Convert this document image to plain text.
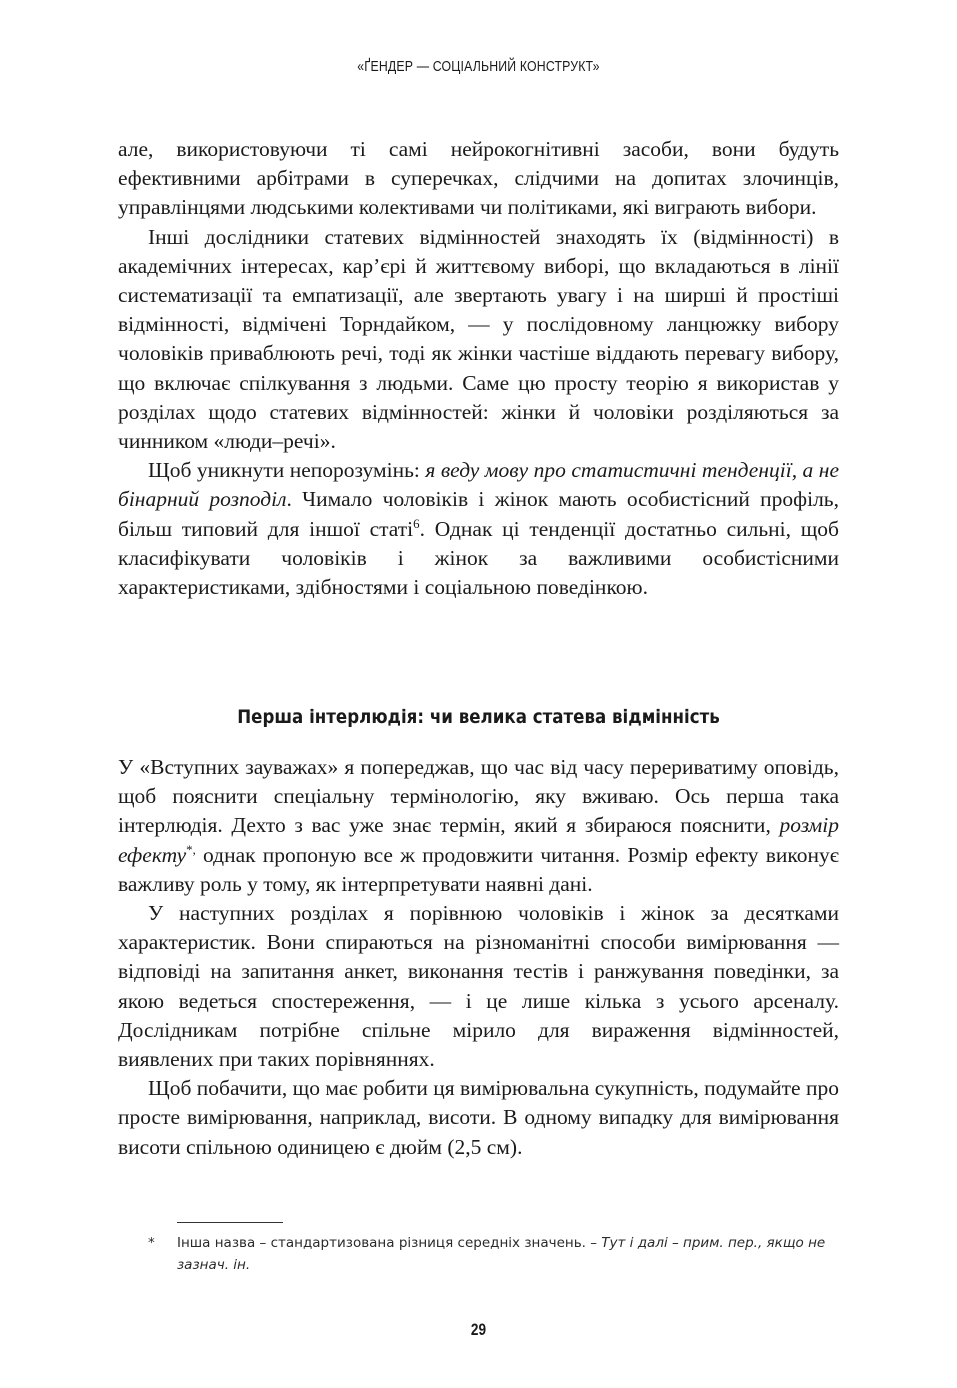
«ҐЕНДЕР — СОЦІАЛЬНИЙ КОНСТРУКТ»

але, використовуючи ті самі нейрокогнітивні засоби, вони будуть ефективними арбітрами в суперечках, слідчими на допитах злочинців, управлінцями людськими колективами чи політиками, які виграють вибори.

Інші дослідники статевих відмінностей знаходять їх (відмінності) в академічних інтересах, кар’єрі й життєвому виборі, що вкладаються в лінії систематизації та емпатизації, але звертають увагу і на ширші й простіші відмінності, відмічені Торндайком, — у послідовному ланцюжку вибору чоловіків приваблюють речі, тоді як жінки частіше віддають перевагу вибору, що включає спілкування з людьми. Саме цю просту теорію я використав у розділах щодо статевих відмінностей: жінки й чоловіки розділяються за чинником «люди–речі».

Щоб уникнути непорозумінь: я веду мову про статистичні тенденції, а не бінарний розподіл. Чимало чоловіків і жінок мають особистісний профіль, більш типовий для іншої статі$^6$. Однак ці тенденції достатньо сильні, щоб класифікувати чоловіків і жінок за важливими особистісними характеристиками, здібностями і соціальною поведінкою.

Перша інтерлюдія: чи велика статева відмінність

У «Вступних зауважах» я попереджав, що час від часу перериватиму оповідь, щоб пояснити спеціальну термінологію, яку вживаю. Ось перша така інтерлюдія. Дехто з вас уже знає термін, який я збираюся пояснити, розмір ефекту*, однак пропоную все ж продовжити читання. Розмір ефекту виконує важливу роль у тому, як інтерпретувати наявні дані.

У наступних розділах я порівнюю чоловіків і жінок за десятками характеристик. Вони спираються на різноманітні способи вимірювання — відповіді на запитання анкет, виконання тестів і ранжування поведінки, за якою ведеться спостереження, — і це лише кілька з усього арсеналу. Дослідникам потрібне спільне мірило для вираження відмінностей, виявлених при таких порівняннях.

Щоб побачити, що має робити ця вимірювальна сукупність, подумайте про просте вимірювання, наприклад, висоти. В одному випадку для вимірювання висоти спільною одиницею є дюйм (2,5 см).

* Інша назва – стандартизована різниця середніх значень. – Тут і далі – прим. пер., якщо не зазнач. ін.
29
